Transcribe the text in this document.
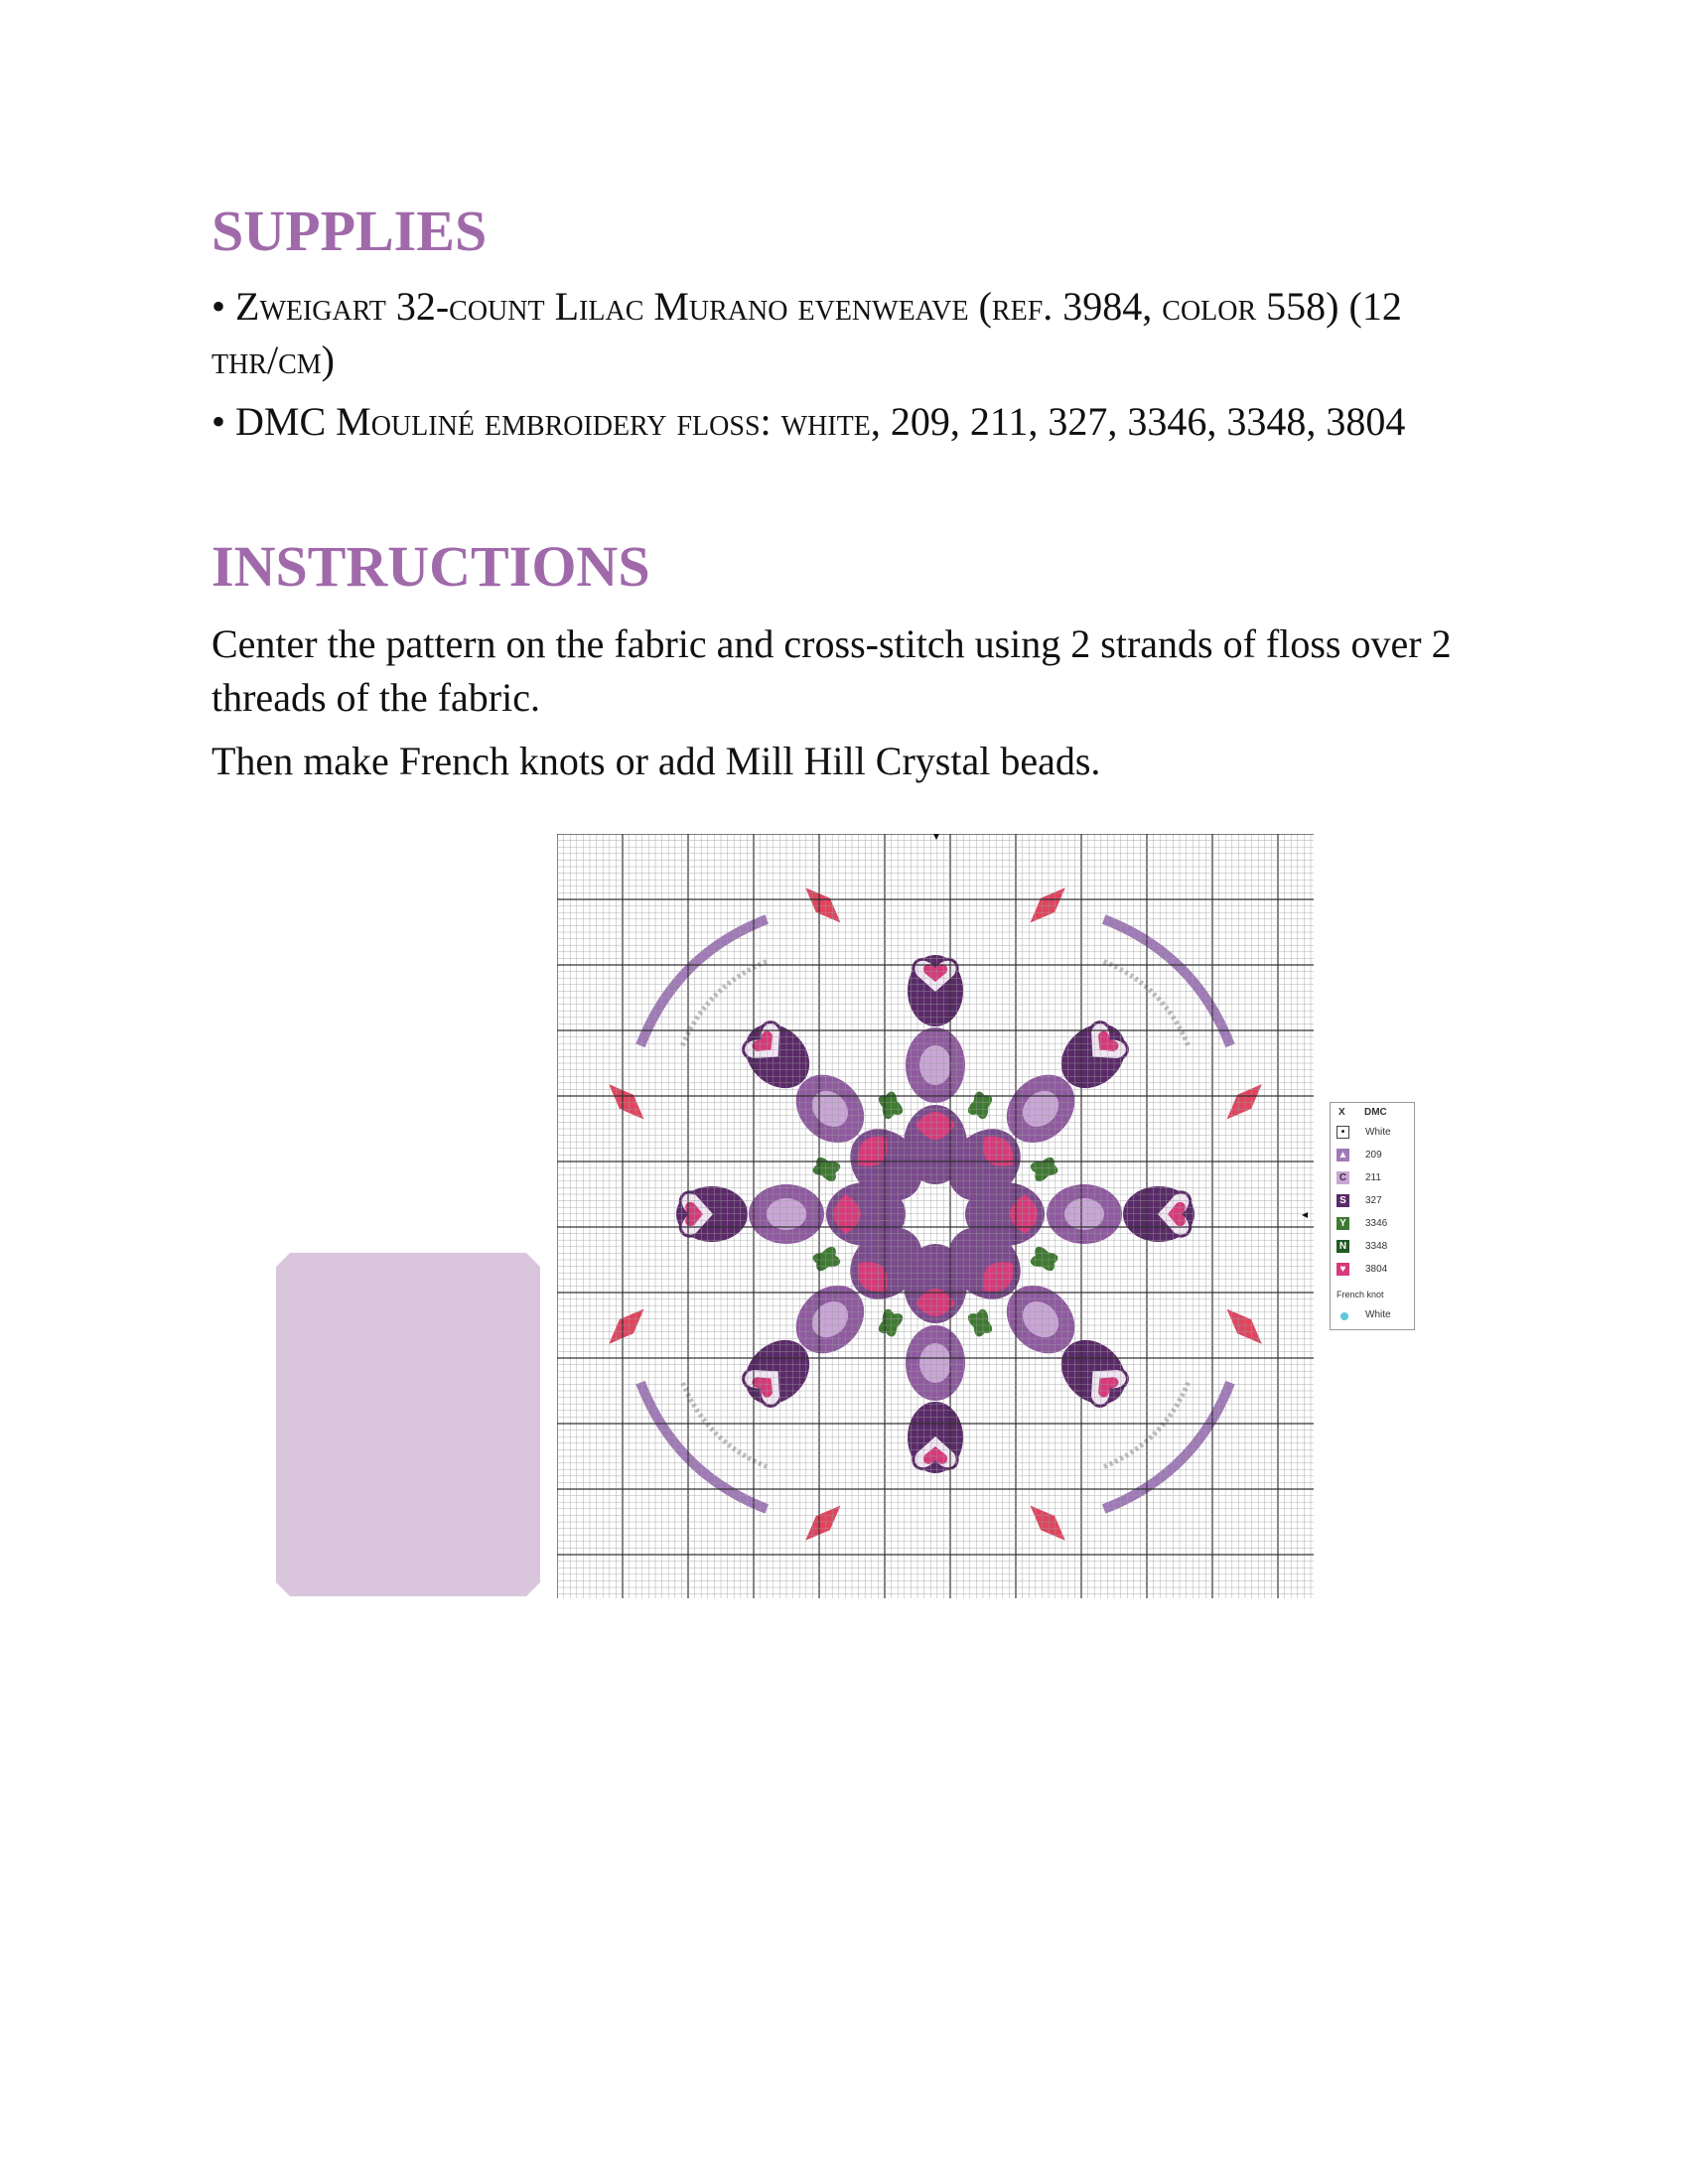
SUPPLIES

• Zweigart 32-count Lilac Murano evenweave (ref. 3984, color 558) (12 thr/cm)

• DMC Mouliné embroidery floss: white, 209, 211, 327, 3346, 3348, 3804

INSTRUCTIONS

Center the pattern on the fabric and cross-stitch using 2 strands of floss over 2 threads of the fabric.

Then make French knots or add Mill Hill Crystal beads.

X DMC
•	White
▲ 209
C 211
S	327
Y	3346
N 3348
♥	3804
French knot
White
